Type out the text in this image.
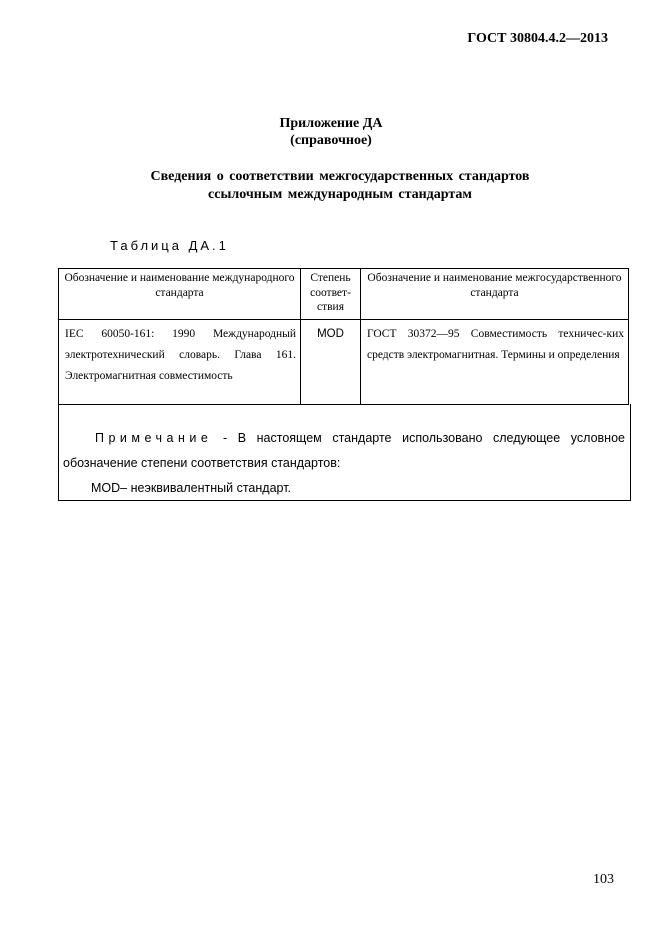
ГОСТ 30804.4.2—2013
Приложение ДА
(справочное)
Сведения о соответствии межгосударственных стандартов
ссылочным международным стандартам
Таблица ДА.1
Обозначение и наименование международного стандарта	Степень соответ-ствия	Обозначение и наименование межгосударственного стандарта
IEC 60050-161: 1990 Международный электротехнический словарь. Глава 161. Электромагнитная совместимость	MOD	ГОСТ 30372—95 Совместимость техничес-ких средств электромагнитная. Термины и определения

Примечание - В настоящем стандарте использовано следующее условное обозначение степени соответствия стандартов:

MOD– неэквивалентный стандарт.

103
